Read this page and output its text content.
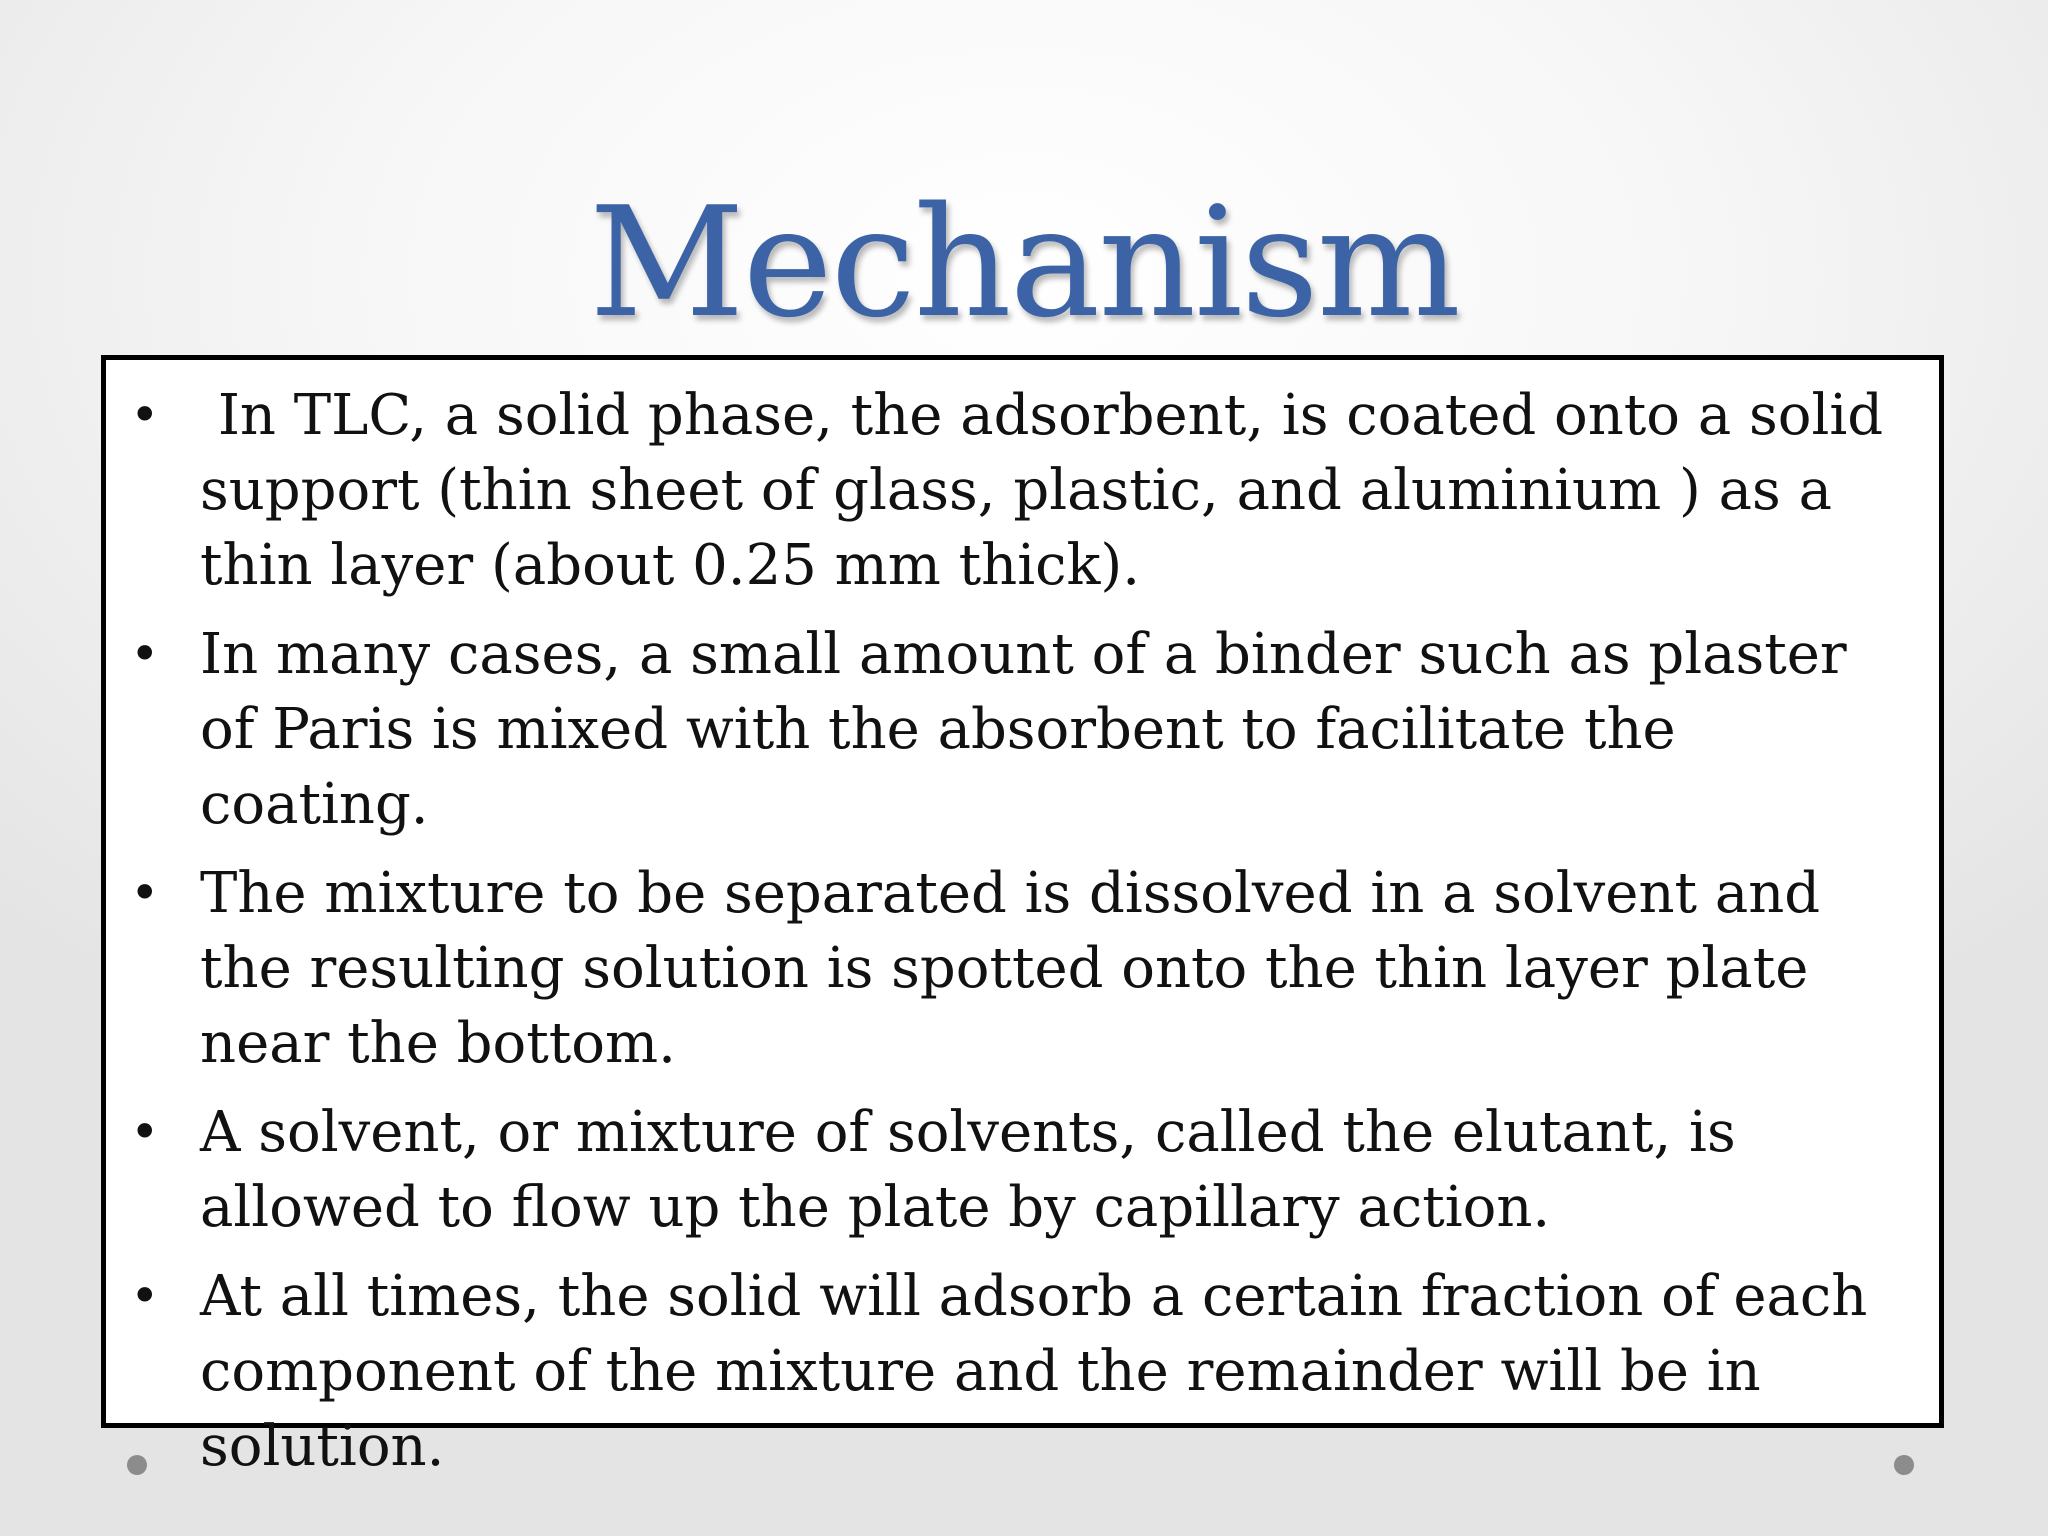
Mechanism
• In TLC, a solid phase, the adsorbent, is coated onto a solid support (thin sheet of glass, plastic, and aluminium ) as a thin layer (about 0.25 mm thick).
• In many cases, a small amount of a binder such as plaster of Paris is mixed with the absorbent to facilitate the coating.
• The mixture to be separated is dissolved in a solvent and the resulting solution is spotted onto the thin layer plate near the bottom.
• A solvent, or mixture of solvents, called the elutant, is allowed to flow up the plate by capillary action.
• At all times, the solid will adsorb a certain fraction of each component of the mixture and the remainder will be in solution.
